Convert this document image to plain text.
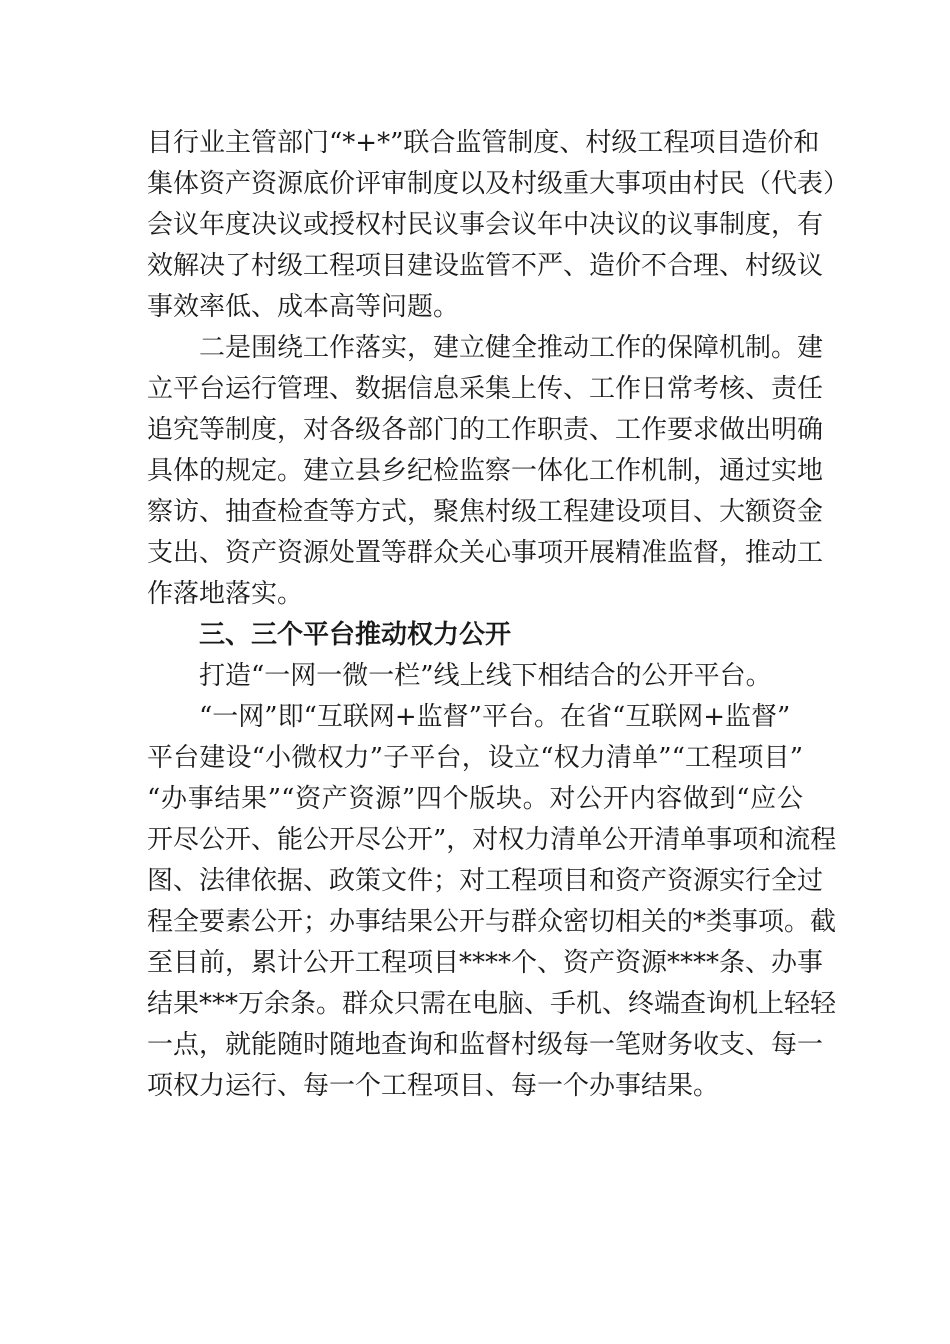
目行业主管部门“*+*”联合监管制度、村级工程项目造价和
集体资产资源底价评审制度以及村级重大事项由村民（代表）
会议年度决议或授权村民议事会议年中决议的议事制度，有
效解决了村级工程项目建设监管不严、造价不合理、村级议
事效率低、成本高等问题。
二是围绕工作落实，建立健全推动工作的保障机制。建
立平台运行管理、数据信息采集上传、工作日常考核、责任
追究等制度，对各级各部门的工作职责、工作要求做出明确
具体的规定。建立县乡纪检监察一体化工作机制，通过实地
察访、抽查检查等方式，聚焦村级工程建设项目、大额资金
支出、资产资源处置等群众关心事项开展精准监督，推动工
作落地落实。
三、三个平台推动权力公开
打造“一网一微一栏”线上线下相结合的公开平台。
“一网”即“互联网+监督”平台。在省“互联网+监督”
平台建设“小微权力”子平台，设立“权力清单”“工程项目”
“办事结果”“资产资源”四个版块。对公开内容做到“应公
开尽公开、能公开尽公开”，对权力清单公开清单事项和流程
图、法律依据、政策文件；对工程项目和资产资源实行全过
程全要素公开；办事结果公开与群众密切相关的*类事项。截
至目前，累计公开工程项目****个、资产资源****条、办事
结果***万余条。群众只需在电脑、手机、终端查询机上轻轻
一点，就能随时随地查询和监督村级每一笔财务收支、每一
项权力运行、每一个工程项目、每一个办事结果。
